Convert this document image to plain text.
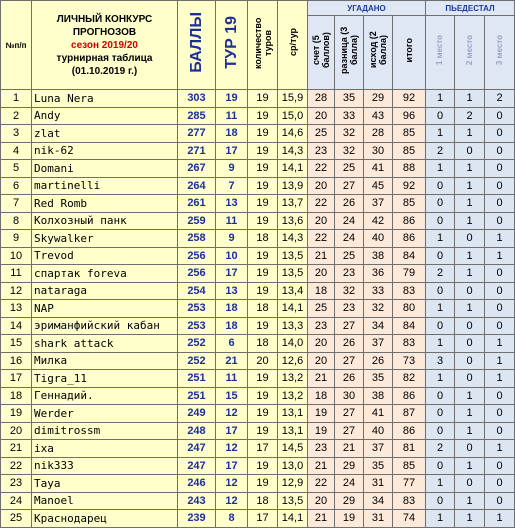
№п/п	ЛИЧНЫЙ КОНКУРС
ПРОГНОЗОВ
сезон 2019/20
турнирная таблица
(01.10.2019 г.)	БАЛЛЫ	ТУР 19	количество туров	ср/тур	УГАДАНО				ПЬЕДЕСТАЛ		
						счет (5 баллов)	разница (3 балла)	исход (2 балла)	итого	1 место	2 место	3 место
1	Luna Nera	303	19	19	15,9	28	35	29	92	1	1	2
2	Andy	285	11	19	15,0	20	33	43	96	0	2	0
3	zlat	277	18	19	14,6	25	32	28	85	1	1	0
4	nik-62	271	17	19	14,3	23	32	30	85	2	0	0
5	Domani	267	9	19	14,1	22	25	41	88	1	1	0
6	martinelli	264	7	19	13,9	20	27	45	92	0	1	0
7	Red Romb	261	13	19	13,7	22	26	37	85	0	1	0
8	Колхозный панк	259	11	19	13,6	20	24	42	86	0	1	0
9	Skywalker	258	9	18	14,3	22	24	40	86	1	0	1
10	Trevod	256	10	19	13,5	21	25	38	84	0	1	1
11	спартак foreva	256	17	19	13,5	20	23	36	79	2	1	0
12	nataraga	254	13	19	13,4	18	32	33	83	0	0	0
13	NAP	253	18	18	14,1	25	23	32	80	1	1	0
14	эриманфийский кабан	253	18	19	13,3	23	27	34	84	0	0	0
15	shark attack	252	6	18	14,0	20	26	37	83	1	0	1
16	Милка	252	21	20	12,6	20	27	26	73	3	0	1
17	Tigra_11	251	11	19	13,2	21	26	35	82	1	0	1
18	Геннадий.	251	15	19	13,2	18	30	38	86	0	1	0
19	Werder	249	12	19	13,1	19	27	41	87	0	1	0
20	dimitrossm	248	17	19	13,1	19	27	40	86	0	1	0
21	ixa	247	12	17	14,5	23	21	37	81	2	0	1
22	nik333	247	17	19	13,0	21	29	35	85	0	1	0
23	Taya	246	12	19	12,9	22	24	31	77	1	0	0
24	Manoel	243	12	18	13,5	20	29	34	83	0	1	0
25	Краснодарец	239	8	17	14,1	21	19	31	74	1	1	1
